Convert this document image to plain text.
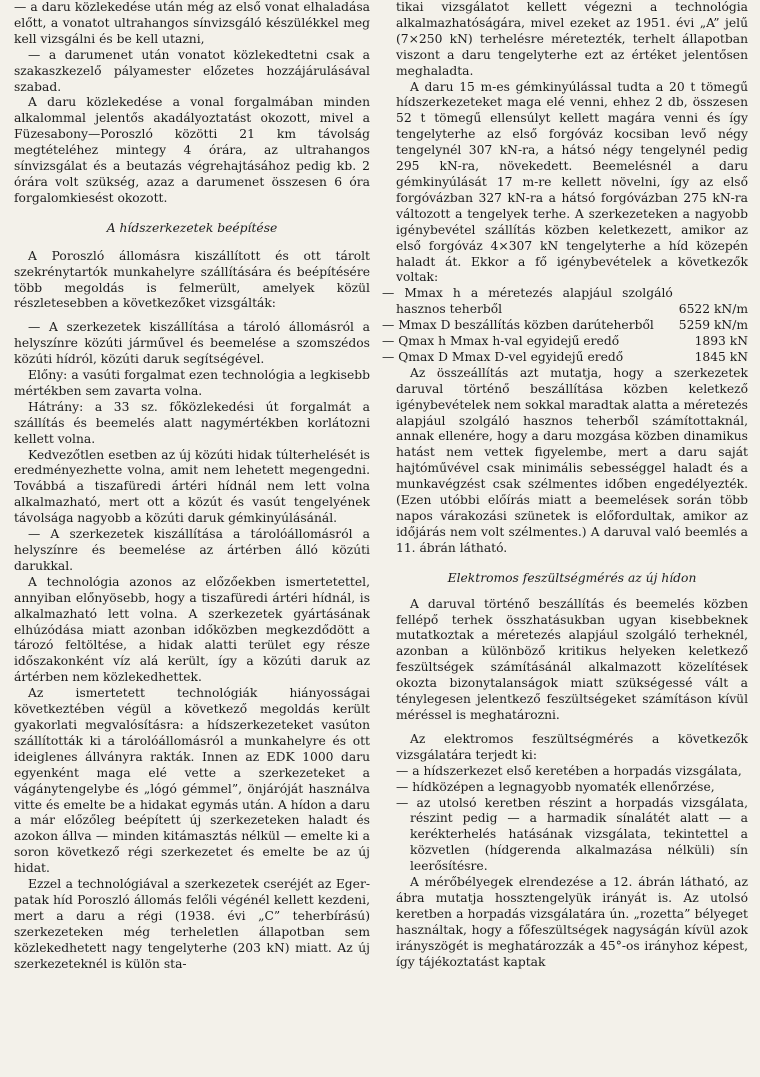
— a daru közlekedése után még az első vonat elhaladása előtt, a vonatot ultrahangos sínvizsgáló készülékkel meg kell vizsgálni és be kell utazni,

— a darumenet után vonatot közlekedtetni csak a szakaszkezelő pályamester előzetes hozzájárulásával szabad.

A daru közlekedése a vonal forgalmában minden alkalommal jelentős akadályoztatást okozott, mivel a Füzesabony—Poroszló közötti 21 km távolság megtételéhez mintegy 4 órára, az ultrahangos sínvizsgálat és a beutazás végrehajtásához pedig kb. 2 órára volt szükség, azaz a darumenet összesen 6 óra forgalomkiesést okozott.

A hídszerkezetek beépítése

A Poroszló állomásra kiszállított és ott tárolt szekrénytartók munkahelyre szállítására és beépítésére több megoldás is felmerült, amelyek közül részletesebben a következőket vizsgálták:

— A szerkezetek kiszállítása a tároló állomásról a helyszínre közúti járművel és beemelése a szomszédos közúti hídról, közúti daruk segítségével.

Előny: a vasúti forgalmat ezen technológia a legkisebb mértékben sem zavarta volna.

Hátrány: a 33 sz. főközlekedési út forgalmát a szállítás és beemelés alatt nagymértékben korlátozni kellett volna.

Kedvezőtlen esetben az új közúti hidak túlterhelését is eredményezhette volna, amit nem lehetett megengedni. Továbbá a tiszafüredi ártéri hídnál nem lett volna alkalmazható, mert ott a közút és vasút tengelyének távolsága nagyobb a közúti daruk gémkinyúlásánál.

— A szerkezetek kiszállítása a tárolóállomásról a helyszínre és beemelése az ártérben álló közúti darukkal.

A technológia azonos az előzőekben ismertetettel, annyiban előnyösebb, hogy a tiszafüredi ártéri hídnál, is alkalmazható lett volna. A szerkezetek gyártásának elhúzódása miatt azonban időközben megkezdődött a tározó feltöltése, a hidak alatti terület egy része időszakonként víz alá került, így a közúti daruk az ártérben nem közlekedhettek.

Az ismertetett technológiák hiányosságai következtében végül a következő megoldás került gyakorlati megvalósításra: a hídszerkezeteket vasúton szállították ki a tárolóállomásról a munkahelyre és ott ideiglenes állványra rakták. Innen az EDK 1000 daru egyenként maga elé vette a szerkezeteket a vágánytengelybe és „lógó gémmel”, önjáróját használva vitte és emelte be a hidakat egymás után. A hídon a daru a már előzőleg beépített új szerkezeteken haladt és azokon állva — minden kitámasztás nélkül — emelte ki a soron következő régi szerkezetet és emelte be az új hidat.

Ezzel a technológiával a szerkezetek cseréjét az Eger-patak híd Poroszló állomás felőli végénél kellett kezdeni, mert a daru a régi (1938. évi „C” teherbírású) szerkezeteken még terheletlen állapotban sem közlekedhetett nagy tengelyterhe (203 kN) miatt. Az új szerkezeteknél is külön sta-

tikai vizsgálatot kellett végezni a technológia alkalmazhatóságára, mivel ezeket az 1951. évi „A” jelű (7×250 kN) terhelésre méretezték, terhelt állapotban viszont a daru tengelyterhe ezt az értéket jelentősen meghaladta.

A daru 15 m-es gémkinyúlással tudta a 20 t tömegű hídszerkezeteket maga elé venni, ehhez 2 db, összesen 52 t tömegű ellensúlyt kellett magára venni és így tengelyterhe az első forgóváz kocsiban levő négy tengelynél 307 kN-ra, a hátsó négy tengelynél pedig 295 kN-ra, növekedett. Beemelésnél a daru gémkinyúlását 17 m-re kellett növelni, így az első forgóvázban 327 kN-ra a hátsó forgóvázban 275 kN-ra változott a tengelyek terhe. A szerkezeteken a nagyobb igénybevétel szállítás közben keletkezett, amikor az első forgóváz 4×307 kN tengelyterhe a híd közepén haladt át. Ekkor a fő igénybevételek a következők voltak:

— Mmax h a méretezés alapjául szolgáló hasznos teherből	6522 kN/m
— Mmax D beszállítás közben darúteherből	5259 kN/m
— Qmax h Mmax h-val egyidejű eredő	1893 kN
— Qmax D Mmax D-vel egyidejű eredő	1845 kN

Az összeállítás azt mutatja, hogy a szerkezetek daruval történő beszállítása közben keletkező igénybevételek nem sokkal maradtak alatta a méretezés alapjául szolgáló hasznos teherből számítottaknál, annak ellenére, hogy a daru mozgása közben dinamikus hatást nem vettek figyelembe, mert a daru saját hajtóművével csak minimális sebességgel haladt és a munkavégzést csak szélmentes időben engedélyezték. (Ezen utóbbi előírás miatt a beemelések során több napos várakozási szünetek is előfordultak, amikor az időjárás nem volt szélmentes.) A daruval való beemlés a 11. ábrán látható.

Elektromos feszültségmérés az új hídon

A daruval történő beszállítás és beemelés közben fellépő terhek összhatásukban ugyan kisebbeknek mutatkoztak a méretezés alapjául szolgáló terheknél, azonban a különböző kritikus helyeken keletkező feszültségek számításánál alkalmazott közelítések okozta bizonytalanságok miatt szükségessé vált a ténylegesen jelentkező feszültségeket számításon kívül méréssel is meghatározni.

Az elektromos feszültségmérés a következők vizsgálatára terjedt ki:

— a hídszerkezet első keretében a horpadás vizsgálata,

— hídközépen a legnagyobb nyomaték ellenőrzése,

— az utolsó keretben részint a horpadás vizsgálata, részint pedig — a harmadik sínalátét alatt — a kerékterhelés hatásának vizsgálata, tekintettel a közvetlen (hídgerenda alkalmazása nélküli) sín leerősítésre.

A mérőbélyegek elrendezése a 12. ábrán látható, az ábra mutatja hossztengelyük irányát is. Az utolsó keretben a horpadás vizsgálatára ún. „rozetta” bélyeget használtak, hogy a főfeszültségek nagyságán kívül azok irányszögét is meghatározzák a 45°-os irányhoz képest, így tájékoztatást kaptak
